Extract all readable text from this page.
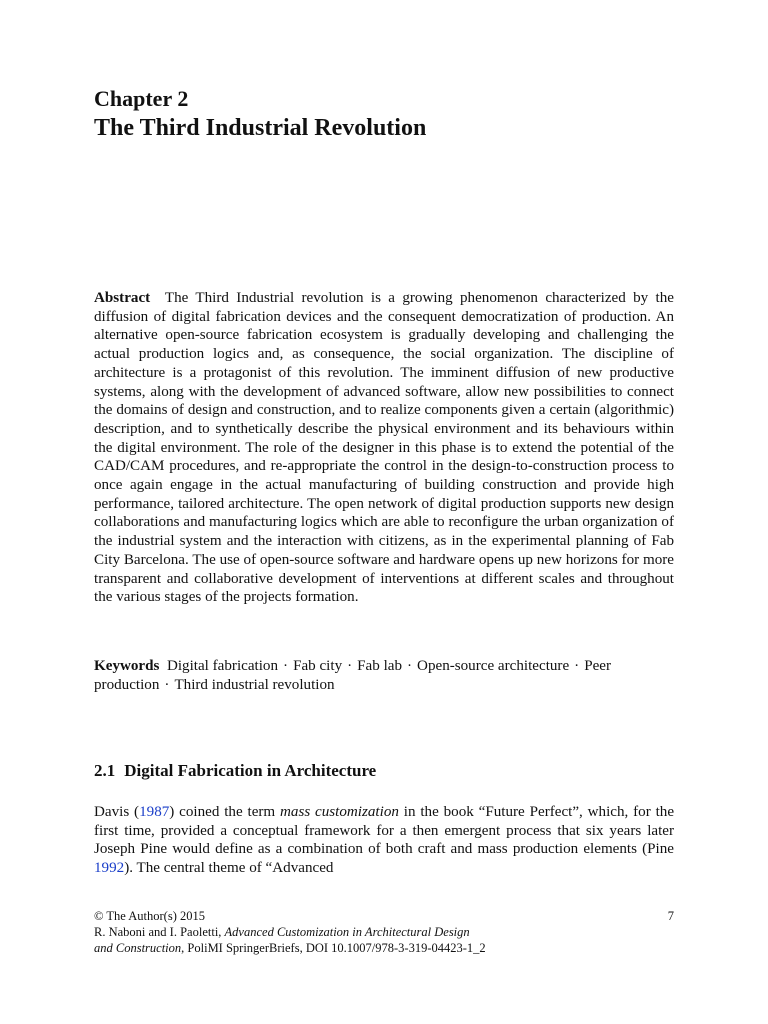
Chapter 2
The Third Industrial Revolution

Abstract The Third Industrial revolution is a growing phenomenon characterized by the diffusion of digital fabrication devices and the consequent democratization of production. An alternative open-source fabrication ecosystem is gradually developing and challenging the actual production logics and, as consequence, the social organization. The discipline of architecture is a protagonist of this revolution. The imminent diffusion of new productive systems, along with the development of advanced software, allow new possibilities to connect the domains of design and construction, and to realize components given a certain (algorithmic) description, and to synthetically describe the physical environment and its behaviours within the digital environment. The role of the designer in this phase is to extend the potential of the CAD/CAM procedures, and re-appropriate the control in the design-to-construction process to once again engage in the actual manufacturing of building construction and provide high performance, tailored architecture. The open network of digital production supports new design collaborations and manufacturing logics which are able to reconfigure the urban organization of the industrial system and the interaction with citizens, as in the experimental planning of Fab City Barcelona. The use of open-source software and hardware opens up new horizons for more transparent and collaborative development of interventions at different scales and throughout the various stages of the projects formation.

Keywords Digital fabrication · Fab city · Fab lab · Open-source architecture · Peer production · Third industrial revolution

2.1 Digital Fabrication in Architecture

Davis (1987) coined the term mass customization in the book “Future Perfect”, which, for the first time, provided a conceptual framework for a then emergent process that six years later Joseph Pine would define as a combination of both craft and mass production elements (Pine 1992). The central theme of “Advanced

7
© The Author(s) 2015
R. Naboni and I. Paoletti, Advanced Customization in Architectural Design
and Construction, PoliMI SpringerBriefs, DOI 10.1007/978-3-319-04423-1_2
